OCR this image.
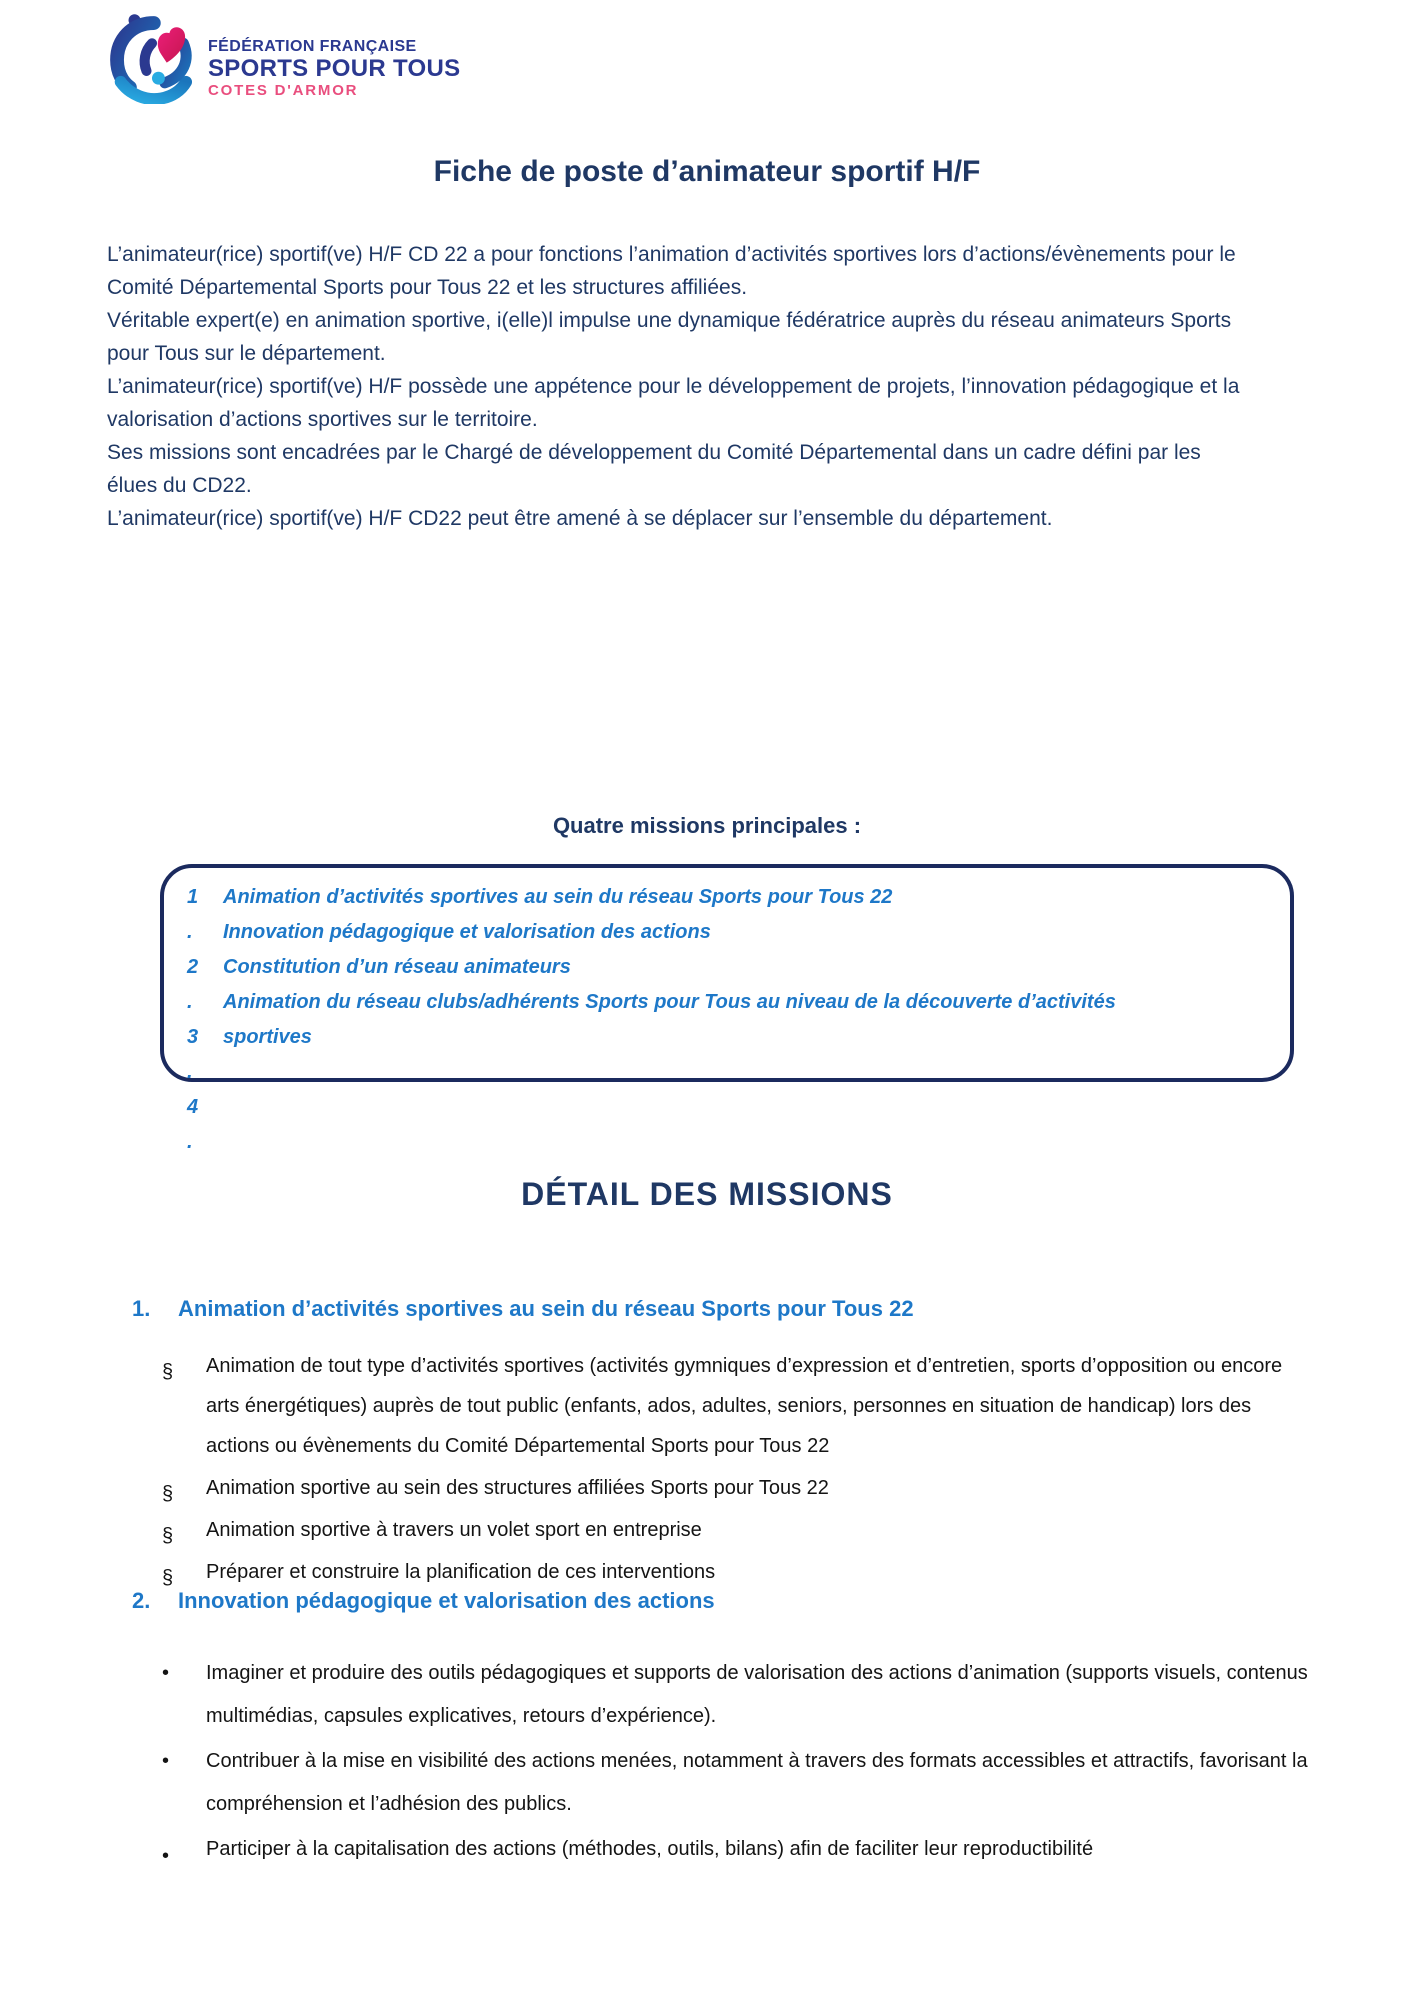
FÉDÉRATION FRANÇAISE
SPORTS POUR TOUS
COTES D'ARMOR
Fiche de poste d’animateur sportif H/F

L’animateur(rice) sportif(ve) H/F CD 22 a pour fonctions l’animation d’activités sportives lors d’actions/évènements pour le Comité Départemental Sports pour Tous 22 et les structures affiliées.

Véritable expert(e) en animation sportive, i(elle)l impulse une dynamique fédératrice auprès du réseau animateurs Sports pour Tous sur le département.

L’animateur(rice) sportif(ve) H/F possède une appétence pour le développement de projets, l’innovation pédagogique et la valorisation d’actions sportives sur le territoire.

Ses missions sont encadrées par le Chargé de développement du Comité Départemental dans un cadre défini par les élues du CD22.

L’animateur(rice) sportif(ve) H/F CD22 peut être amené à se déplacer sur l’ensemble du département.

Quatre missions principales :
1	Animation d’activités sportives au sein du réseau Sports pour Tous 22
.	Innovation pédagogique et valorisation des actions
2	Constitution d’un réseau animateurs
.	Animation du réseau clubs/adhérents Sports pour Tous au niveau de la découverte d’activités
3	sportives
.
4
.
DÉTAIL DES MISSIONS
1.	Animation d’activités sportives au sein du réseau Sports pour Tous 22
§	Animation de tout type d’activités sportives (activités gymniques d’expression et d’entretien, sports d’opposition ou encore arts énergétiques) auprès de tout public (enfants, ados, adultes, seniors, personnes en situation de handicap) lors des actions ou évènements du Comité Départemental Sports pour Tous 22
§	Animation sportive au sein des structures affiliées Sports pour Tous 22
§	Animation sportive à travers un volet sport en entreprise
§	Préparer et construire la planification de ces interventions
2.	Innovation pédagogique et valorisation des actions
•	Imaginer et produire des outils pédagogiques et supports de valorisation des actions d’animation (supports visuels, contenus multimédias, capsules explicatives, retours d’expérience).
•	Contribuer à la mise en visibilité des actions menées, notamment à travers des formats accessibles et attractifs, favorisant la compréhension et l’adhésion des publics.
•	Participer à la capitalisation des actions (méthodes, outils, bilans) afin de faciliter leur reproductibilité
